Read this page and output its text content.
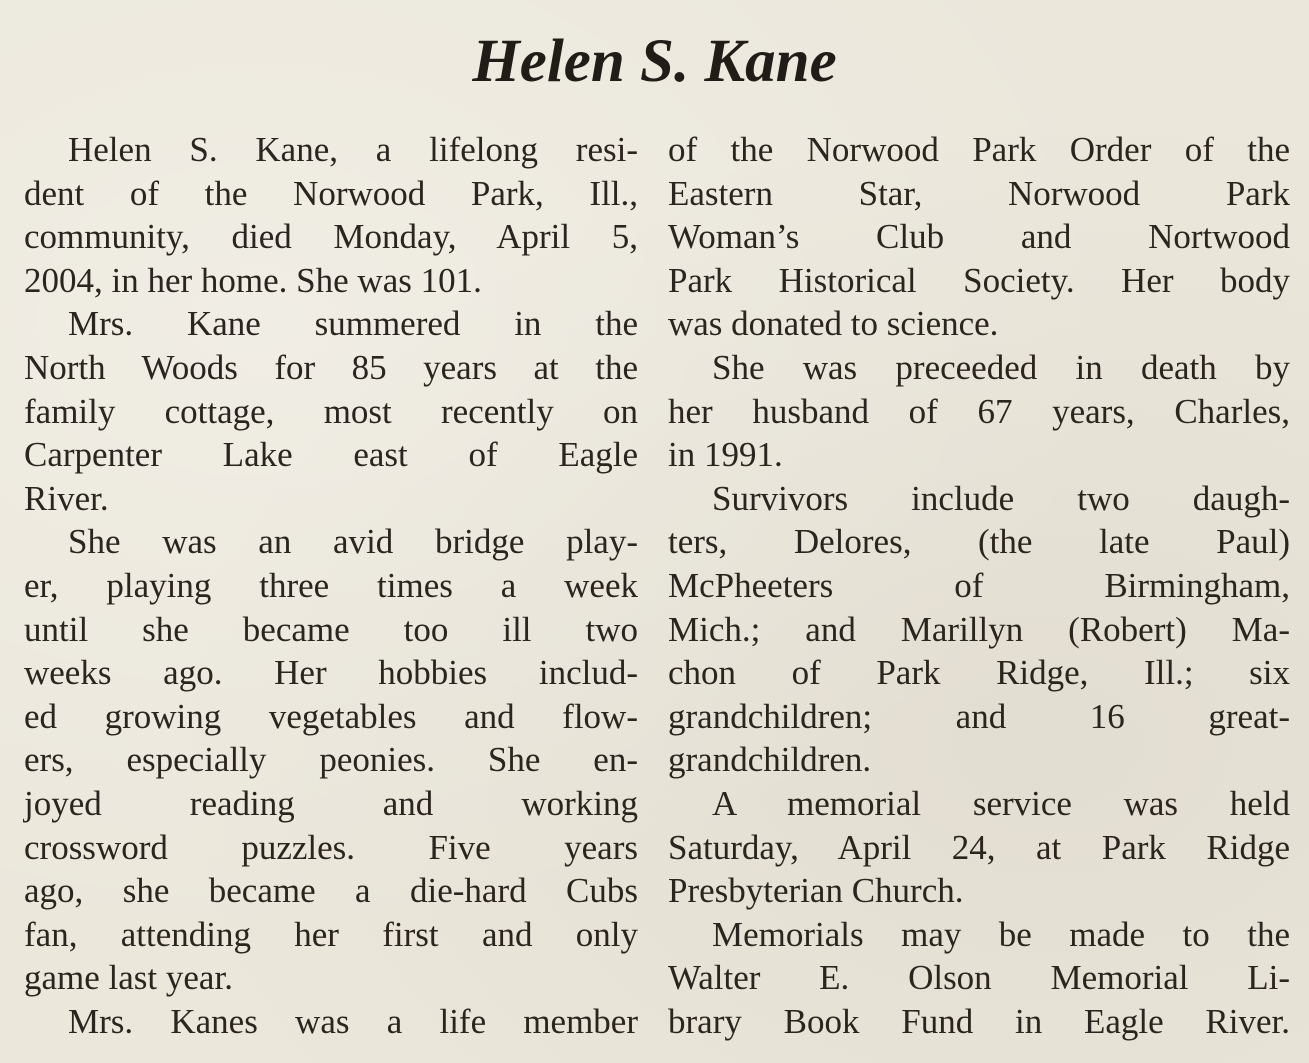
Helen S. Kane
Helen S. Kane, a lifelong resi-
dent of the Norwood Park, Ill.,
community, died Monday, April 5,
2004, in her home. She was 101.
Mrs. Kane summered in the
North Woods for 85 years at the
family cottage, most recently on
Carpenter Lake east of Eagle
River.
She was an avid bridge play-
er, playing three times a week
until she became too ill two
weeks ago. Her hobbies includ-
ed growing vegetables and flow-
ers, especially peonies. She en-
joyed reading and working
crossword puzzles. Five years
ago, she became a die-hard Cubs
fan, attending her first and only
game last year.
Mrs. Kanes was a life member
of the Norwood Park Order of the
Eastern Star, Norwood Park
Woman’s Club and Nortwood
Park Historical Society. Her body
was donated to science.
She was preceeded in death by
her husband of 67 years, Charles,
in 1991.
Survivors include two daugh-
ters, Delores, (the late Paul)
McPheeters of Birmingham,
Mich.; and Marillyn (Robert) Ma-
chon of Park Ridge, Ill.; six
grandchildren; and 16 great-
grandchildren.
A memorial service was held
Saturday, April 24, at Park Ridge
Presbyterian Church.
Memorials may be made to the
Walter E. Olson Memorial Li-
brary Book Fund in Eagle River.
